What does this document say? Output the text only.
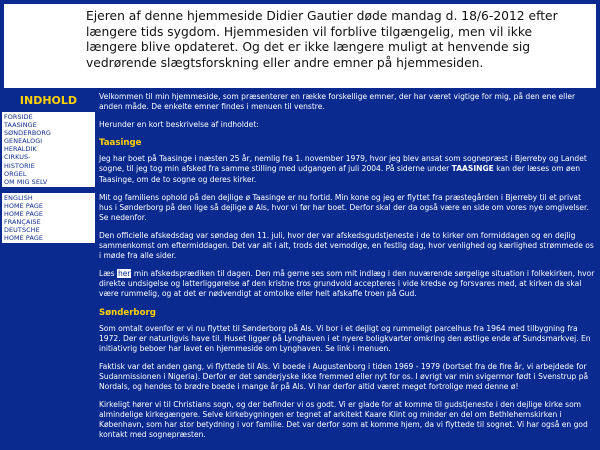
Ejeren af denne hjemmeside Didier Gautier døde mandag d. 18/6-2012 efter længere tids sygdom. Hjemmesiden vil forblive tilgængelig, men vil ikke længere blive opdateret. Og det er ikke længere muligt at henvende sig vedrørende slægtsforskning eller andre emner på hjemmesiden.
INDHOLD
FORSIDE
TAASINGE
SØNDERBORG
GENEALOGI
HERALDIK
CIRKUS-
HISTORIE
ORGEL
OM MIG SELV
ENGLISH
HOME PAGE
HOME PAGE
FRANÇAISE
DEUTSCHE
HOME PAGE

Velkommen til min hjemmeside, som præsenterer en række forskellige emner, der har været vigtige for mig, på den ene eller anden måde. De enkelte emner findes i menuen til venstre.

Herunder en kort beskrivelse af indholdet:

Taasinge

Jeg har boet på Taasinge i næsten 25 år, nemlig fra 1. november 1979, hvor jeg blev ansat som sognepræst i Bjerreby og Landet sogne, til jeg tog min afsked fra samme stilling med udgangen af juli 2004. På siderne under TAASINGE kan der læses om øen Taasinge, om de to sogne og deres kirker.

Mit og familiens ophold på den dejlige ø Taasinge er nu fortid. Min kone og jeg er flyttet fra præstegården i Bjerreby til et privat hus i Sønderborg på den lige så dejlige ø Als, hvor vi før har boet. Derfor skal der da også være en side om vores nye omgivelser. Se nedenfor.

Den officielle afskedsdag var søndag den 11. juli, hvor der var afskedsgudstjeneste i de to kirker om formiddagen og en dejlig sammenkomst om eftermiddagen. Det var alt i alt, trods det vemodige, en festlig dag, hvor venlighed og kærlighed strømmede os i møde fra alle sider.

Læs her min afskedsprædiken til dagen. Den må gerne ses som mit indlæg i den nuværende sørgelige situation i folkekirken, hvor direkte undsigelse og latterliggørelse af den kristne tros grundvold accepteres i vide kredse og forsvares med, at kirken da skal være rummelig, og at det er nødvendigt at omtolke eller helt afskaffe troen på Gud.

Sønderborg

Som omtalt ovenfor er vi nu flyttet til Sønderborg på Als. Vi bor i et dejligt og rummeligt parcelhus fra 1964 med tilbygning fra 1972. Der er naturligvis have til. Huset ligger på Lynghaven i et nyere boligkvarter omkring den østlige ende af Sundsmarkvej. En initiativrig beboer har lavet en hjemmeside om Lynghaven. Se link i menuen.

Faktisk var det anden gang, vi flyttede til Als. Vi boede i Augustenborg i tiden 1969 - 1979 (bortset fra de fire år, vi arbejdede for Sudanmissionen i Nigeria). Derfor er det sønderjyske ikke fremmed eller nyt for os. I øvrigt var min svigermor født i Svenstrup på Nordals, og hendes to brødre boede i mange år på Als. Vi har derfor altid været meget fortrolige med denne ø!

Kirkeligt hører vi til Christians sogn, og der befinder vi os godt. Vi er glade for at komme til gudstjeneste i den dejlige kirke som almindelige kirkegængere. Selve kirkebygningen er tegnet af arkitekt Kaare Klint og minder en del om Bethlehemskirken i København, som har stor betydning i vor familie. Det var derfor som at komme hjem, da vi flyttede til sognet. Vi har også en god kontakt med sognepræsten.
